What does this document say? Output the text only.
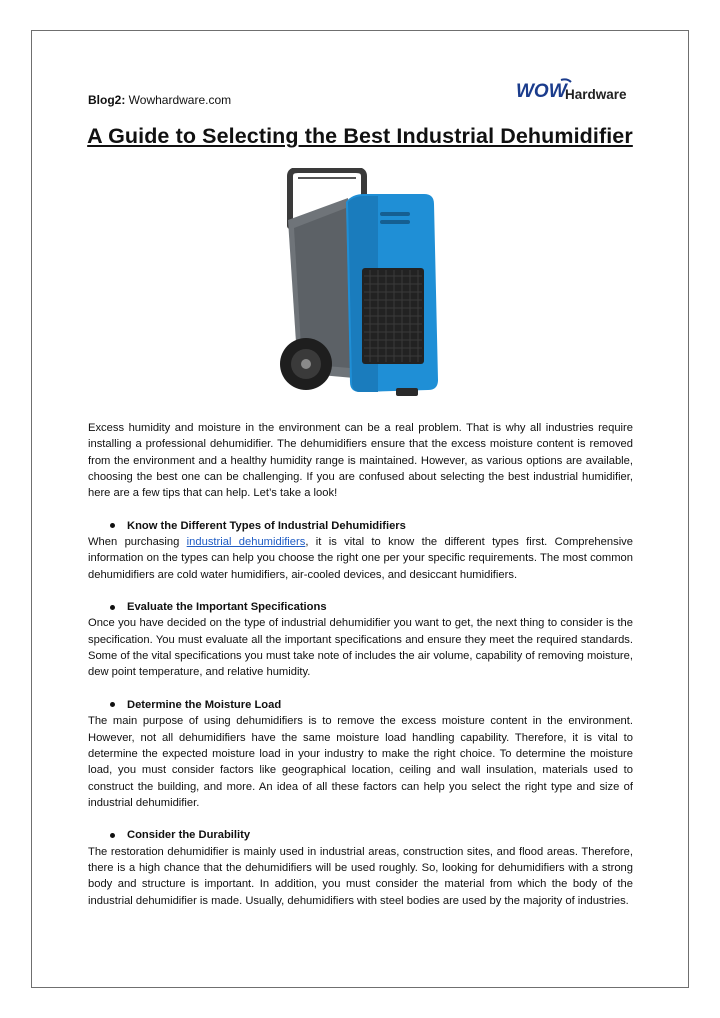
Blog2: Wowhardware.com	WOW
Hardware
A Guide to Selecting the Best Industrial Dehumidifier

Excess humidity and moisture in the environment can be a real problem. That is why all industries require installing a professional dehumidifier. The dehumidifiers ensure that the excess moisture content is removed from the environment and a healthy humidity range is maintained. However, as various options are available, choosing the best one can be challenging. If you are confused about selecting the best industrial humidifier, here are a few tips that can help. Let’s take a look!

Know the Different Types of Industrial Dehumidifiers

When purchasing industrial dehumidifiers, it is vital to know the different types first. Comprehensive information on the types can help you choose the right one per your specific requirements. The most common dehumidifiers are cold water humidifiers, air-cooled devices, and desiccant humidifiers.

Evaluate the Important Specifications

Once you have decided on the type of industrial dehumidifier you want to get, the next thing to consider is the specification. You must evaluate all the important specifications and ensure they meet the required standards. Some of the vital specifications you must take note of includes the air volume, capability of removing moisture, dew point temperature, and relative humidity.

Determine the Moisture Load

The main purpose of using dehumidifiers is to remove the excess moisture content in the environment. However, not all dehumidifiers have the same moisture load handling capability. Therefore, it is vital to determine the expected moisture load in your industry to make the right choice. To determine the moisture load, you must consider factors like geographical location, ceiling and wall insulation, materials used to construct the building, and more. An idea of all these factors can help you select the right type and size of industrial dehumidifier.

Consider the Durability

The restoration dehumidifier is mainly used in industrial areas, construction sites, and flood areas. Therefore, there is a high chance that the dehumidifiers will be used roughly. So, looking for dehumidifiers with a strong body and structure is important. In addition, you must consider the material from which the body of the industrial dehumidifier is made. Usually, dehumidifiers with steel bodies are used by the majority of industries.
